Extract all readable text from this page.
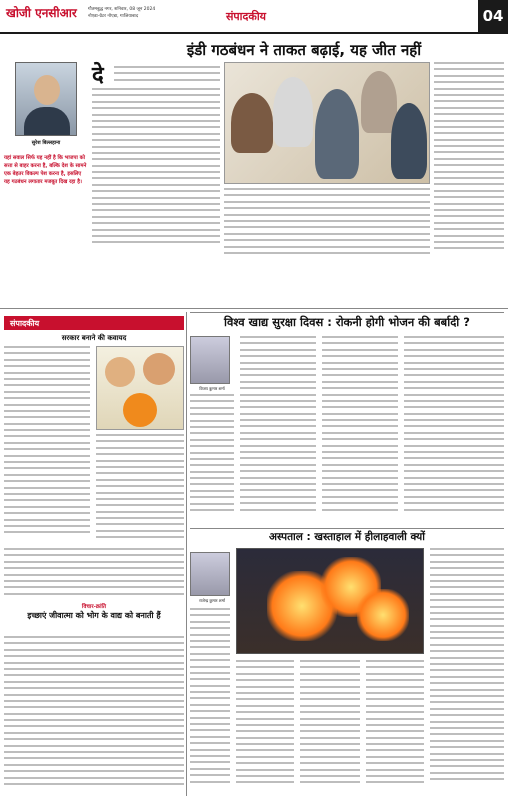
खोजी एनसीआर गौतमबुद्ध नगर, शनिवार, 08 जून 2024
नोएडा-ग्रेटर नोएडा, गाजियाबाद	संपादकीय	04
इंडी गठबंधन ने ताकत बढ़ाई, यह जीत नहीं
सुरेश बिल्लहाना
यहां सवाल सिर्फ यह नहीं है कि भाजपा को सत्ता से बाहर करना है, बल्कि देश के सामने एक बेहतर विकल्प पेश करना है, इसलिए यह गठबंधन लगातार मजबूत दिख रहा है।
दे
संपादकीय
सरकार बनाने की कवायद
विचार-क्रांति
इच्छाएं जीवात्मा को भोग के वाद्य को बनाती हैं
विश्व खाद्य सुरक्षा दिवस : रोकनी होगी भोजन की बर्बादी ?
विजय कुमार शर्मा
अस्पताल : खस्ताहाल में हीलाहवाली क्यों
राजेन्द्र कुमार शर्मा
